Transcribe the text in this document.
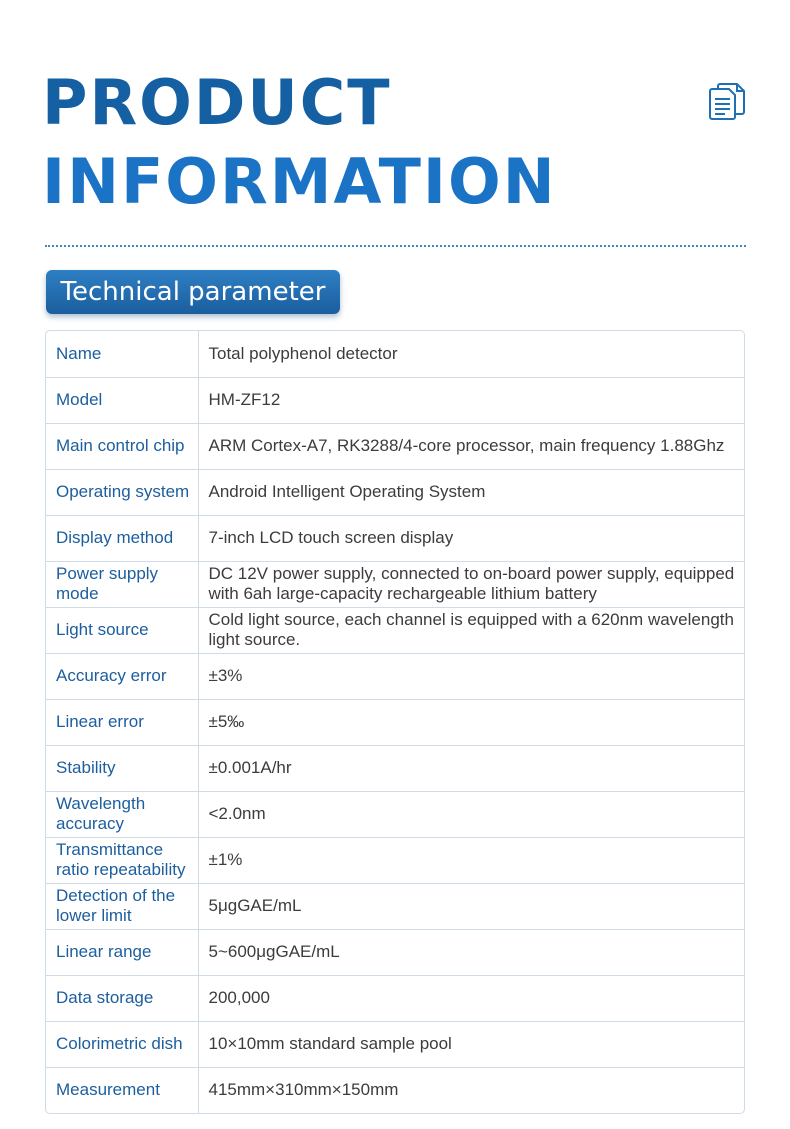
PRODUCT
INFORMATION
Technical parameter
Name	Total polyphenol detector
Model	HM-ZF12
Main control chip	ARM Cortex-A7, RK3288/4-core processor, main frequency 1.88Ghz
Operating system	Android Intelligent Operating System
Display method	7-inch LCD touch screen display
Power supply mode	DC 12V power supply, connected to on-board power supply, equipped with 6ah large-capacity rechargeable lithium battery
Light source	Cold light source, each channel is equipped with a 620nm wavelength light source.
Accuracy error	±3%
Linear error	±5‰
Stability	±0.001A/hr
Wavelength accuracy	<2.0nm
Transmittance ratio repeatability	±1%
Detection of the lower limit	5μgGAE/mL
Linear range	5~600μgGAE/mL
Data storage	200,000
Colorimetric dish	10×10mm standard sample pool
Measurement	415mm×310mm×150mm
